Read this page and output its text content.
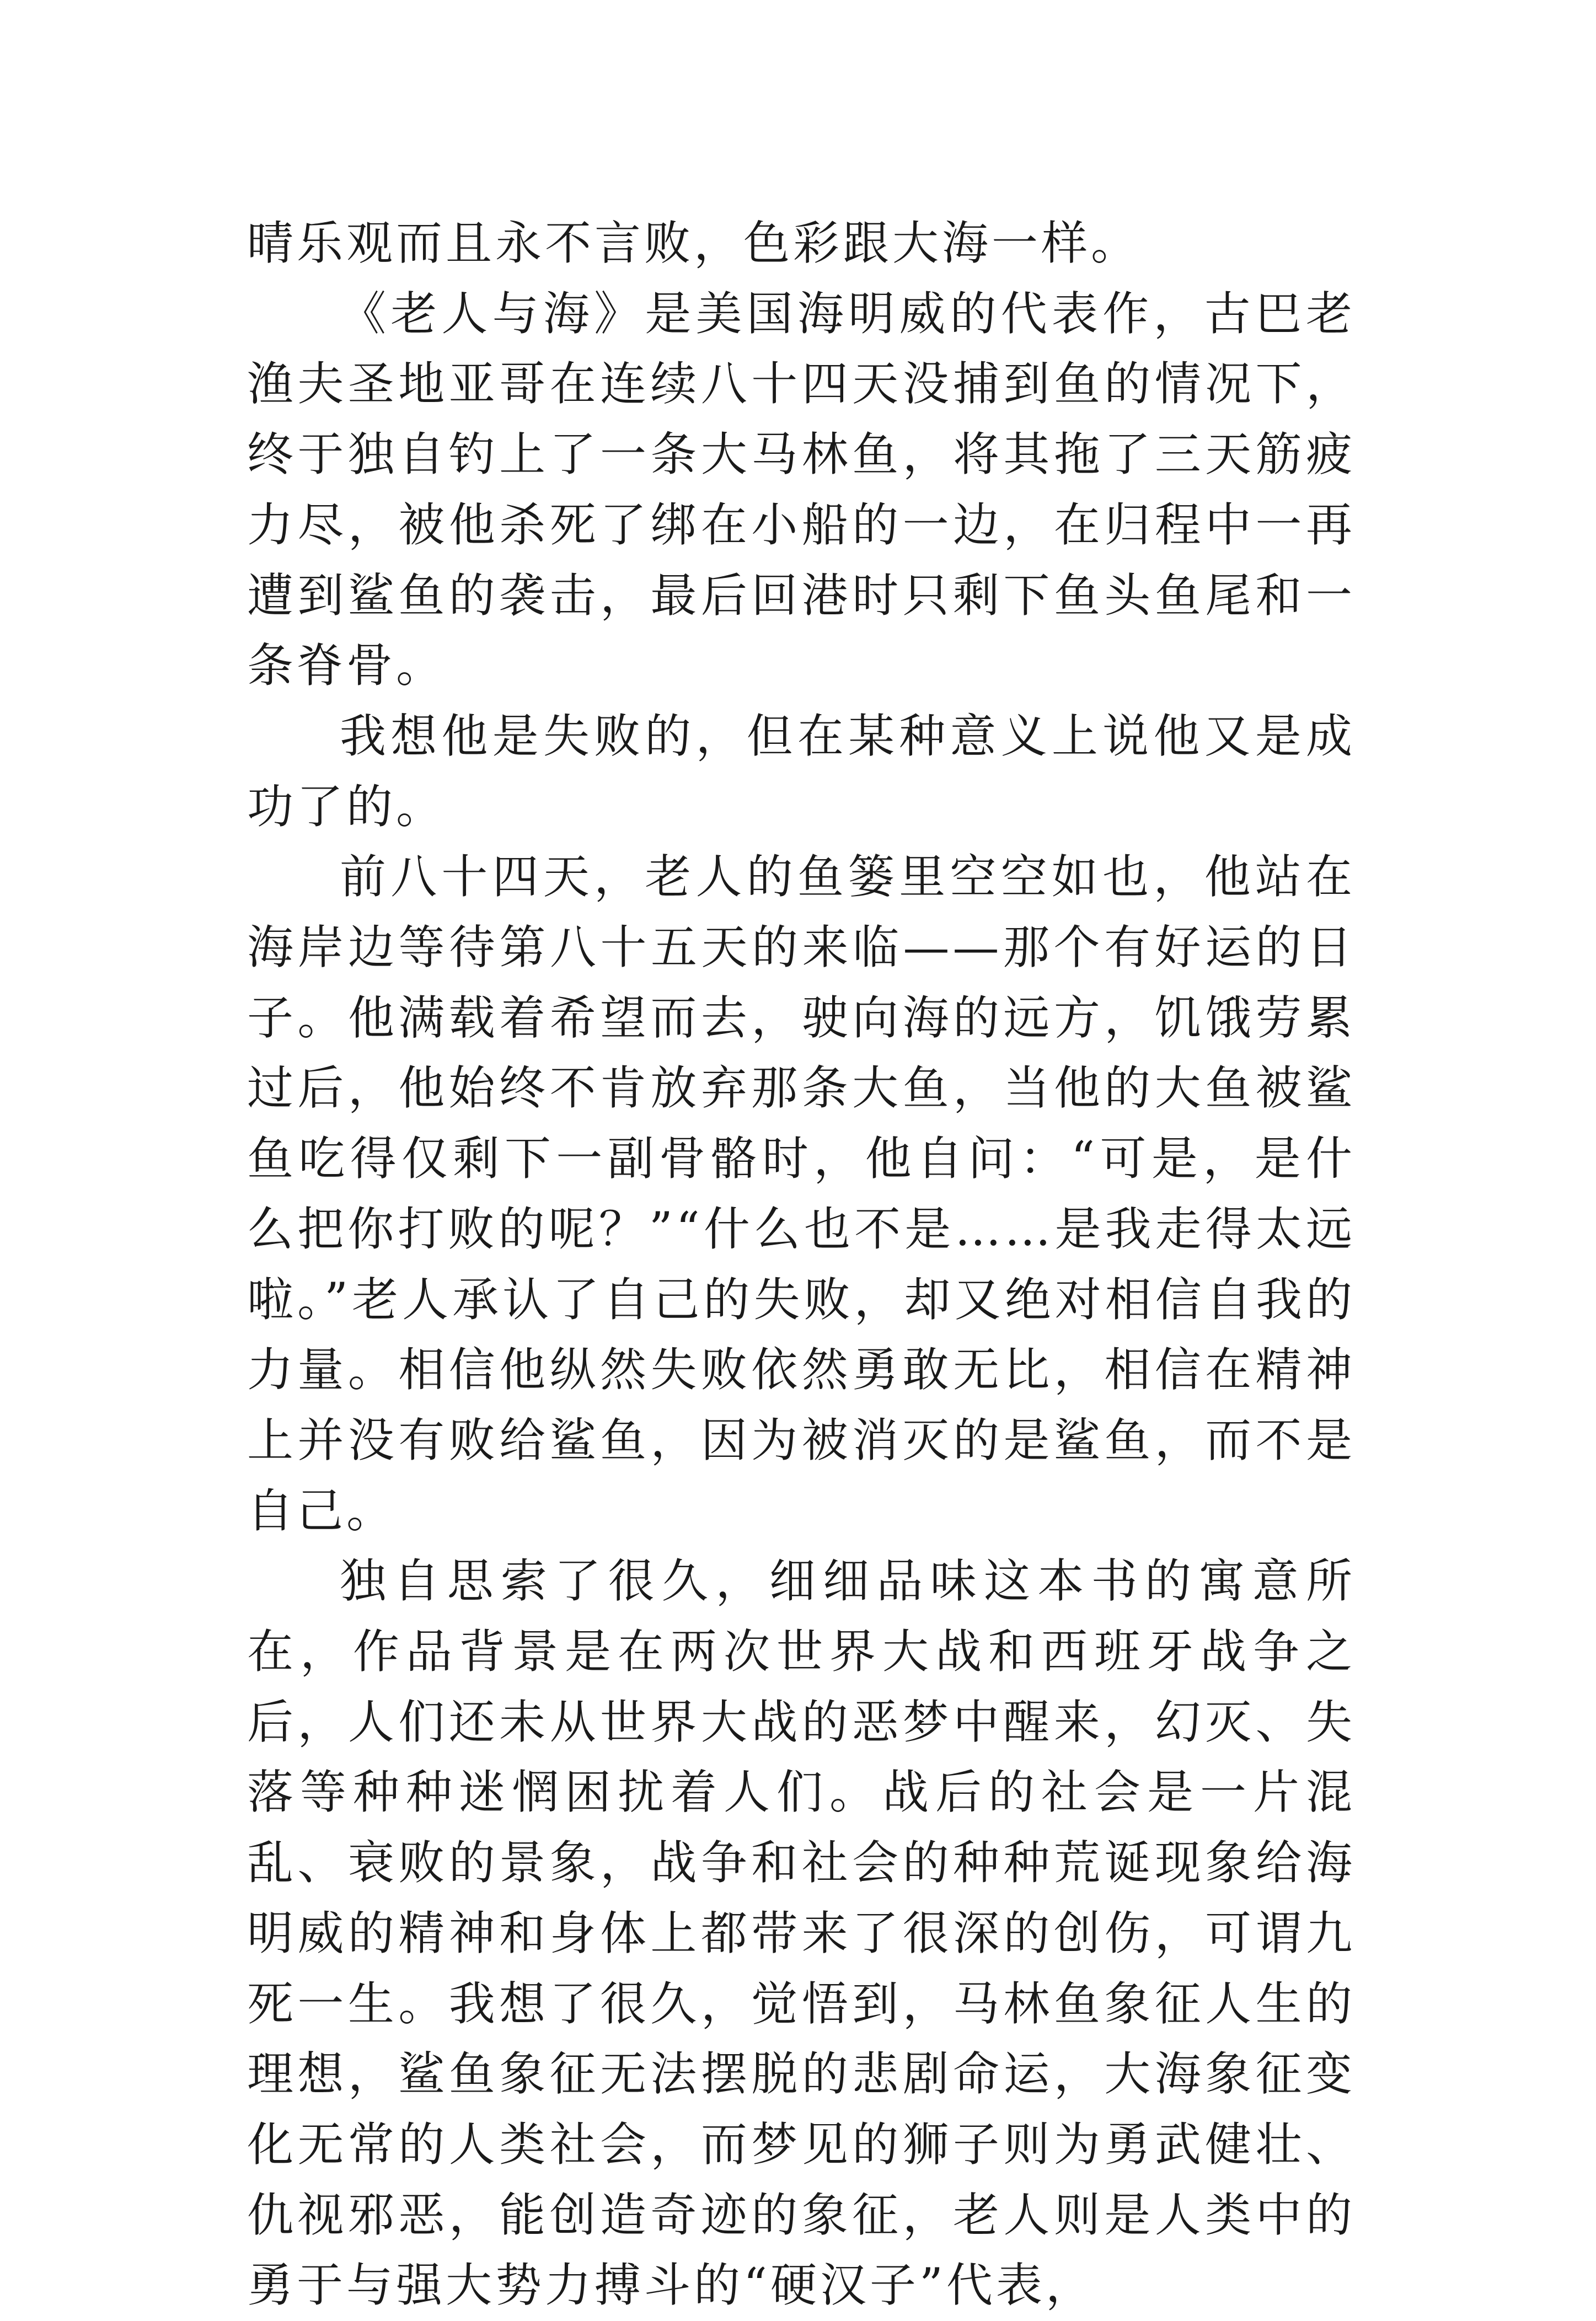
晴乐观而且永不言败，色彩跟大海一样。

《老人与海》是美国海明威的代表作，古巴老渔夫圣地亚哥在连续八十四天没捕到鱼的情况下，终于独自钓上了一条大马林鱼，将其拖了三天筋疲力尽，被他杀死了绑在小船的一边，在归程中一再遭到鲨鱼的袭击，最后回港时只剩下鱼头鱼尾和一条脊骨。

我想他是失败的，但在某种意义上说他又是成功了的。

前八十四天，老人的鱼篓里空空如也，他站在海岸边等待第八十五天的来临——那个有好运的日子。他满载着希望而去，驶向海的远方，饥饿劳累过后，他始终不肯放弃那条大鱼，当他的大鱼被鲨鱼吃得仅剩下一副骨骼时，他自问：“可是，是什么把你打败的呢？”“什么也不是……是我走得太远啦。”老人承认了自己的失败，却又绝对相信自我的力量。相信他纵然失败依然勇敢无比，相信在精神上并没有败给鲨鱼，因为被消灭的是鲨鱼，而不是自己。

独自思索了很久，细细品味这本书的寓意所在，作品背景是在两次世界大战和西班牙战争之后，人们还未从世界大战的恶梦中醒来，幻灭、失落等种种迷惘困扰着人们。战后的社会是一片混乱、衰败的景象，战争和社会的种种荒诞现象给海明威的精神和身体上都带来了很深的创伤，可谓九死一生。我想了很久，觉悟到，马林鱼象征人生的理想，鲨鱼象征无法摆脱的悲剧命运，大海象征变化无常的人类社会，而梦见的狮子则为勇武健壮、仇视邪恶，能创造奇迹的象征，老人则是人类中的勇于与强大势力搏斗的“硬汉子”代表，
